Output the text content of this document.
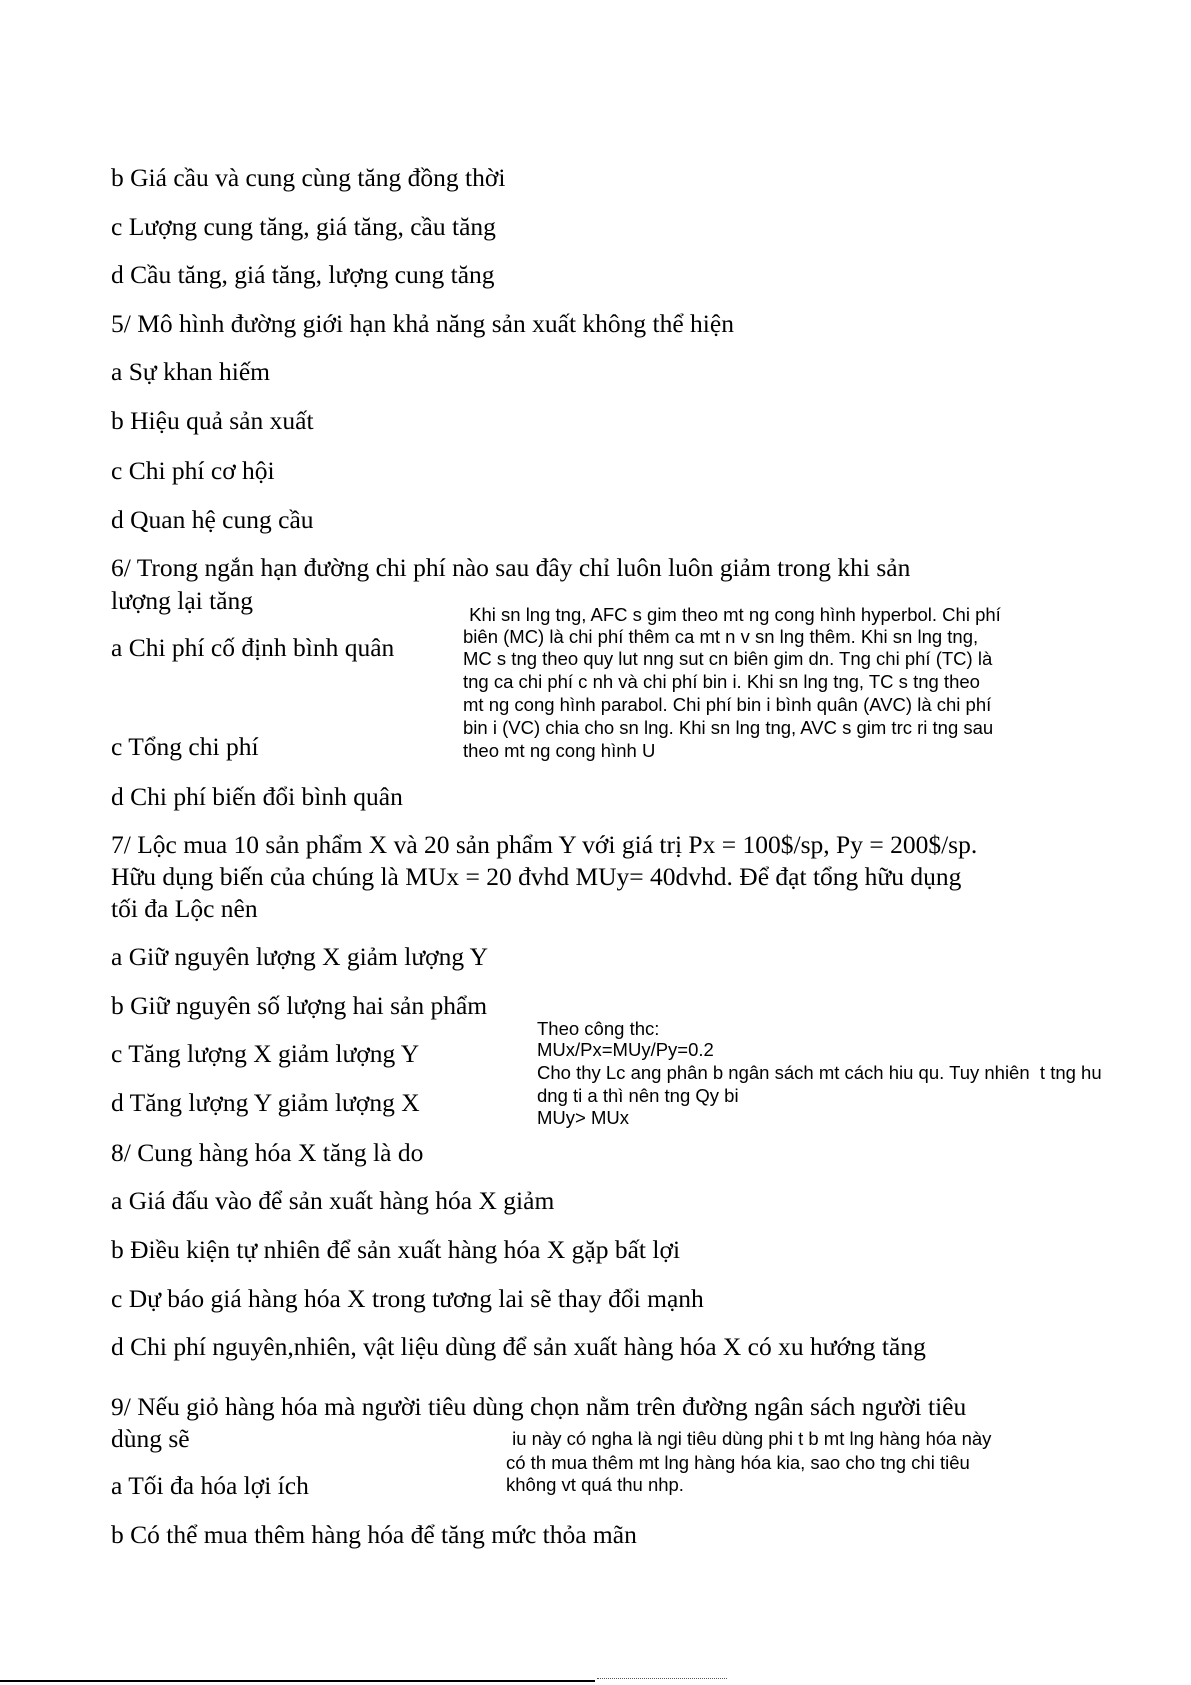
b Giá cầu và cung cùng tăng đồng thời
c Lượng cung tăng, giá tăng, cầu tăng
d Cầu tăng, giá tăng, lượng cung tăng
5/ Mô hình đường giới hạn khả năng sản xuất không thể hiện
a Sự khan hiếm
b Hiệu quả sản xuất
c Chi phí cơ hội
d Quan hệ cung cầu
6/ Trong ngắn hạn đường chi phí nào sau đây chỉ luôn luôn giảm trong khi sản
lượng lại tăng
a Chi phí cố định bình quân
c Tổng chi phí
d Chi phí biến đổi bình quân
Khi sn lng tng, AFC s gim theo mt ng cong hình hyperbol. Chi phí
biên (MC) là chi phí thêm ca mt n v sn lng thêm. Khi sn lng tng,
MC s tng theo quy lut nng sut cn biên gim dn. Tng chi phí (TC) là
tng ca chi phí c nh và chi phí bin i. Khi sn lng tng, TC s tng theo
mt ng cong hình parabol. Chi phí bin i bình quân (AVC) là chi phí
bin i (VC) chia cho sn lng. Khi sn lng tng, AVC s gim trc ri tng sau
theo mt ng cong hình U
7/ Lộc mua 10 sản phẩm X và 20 sản phẩm Y với giá trị Px = 100$/sp, Py = 200$/sp.
Hữu dụng biến của chúng là MUx = 20 đvhd MUy= 40dvhd. Để đạt tổng hữu dụng
tối đa Lộc nên
a Giữ nguyên lượng X giảm lượng Y
b Giữ nguyên số lượng hai sản phẩm
c Tăng lượng X giảm lượng Y
d Tăng lượng Y giảm lượng X
Theo công thc:
MUx/Px=MUy/Py=0.2
Cho thy Lc ang phân b ngân sách mt cách hiu qu. Tuy nhiên  t tng hu
dng ti a thì nên tng Qy bi
MUy> MUx
8/ Cung hàng hóa X tăng là do
a Giá đấu vào để sản xuất hàng hóa X giảm
b Điều kiện tự nhiên để sản xuất hàng hóa X gặp bất lợi
c Dự báo giá hàng hóa X trong tương lai sẽ thay đổi mạnh
d Chi phí nguyên,nhiên, vật liệu dùng để sản xuất hàng hóa X có xu hướng tăng
9/ Nếu giỏ hàng hóa mà người tiêu dùng chọn nằm trên đường ngân sách người tiêu
dùng sẽ
a Tối đa hóa lợi ích
b Có thể mua thêm hàng hóa để tăng mức thỏa mãn
iu này có ngha là ngi tiêu dùng phi t b mt lng hàng hóa này
có th mua thêm mt lng hàng hóa kia, sao cho tng chi tiêu
không vt quá thu nhp.
